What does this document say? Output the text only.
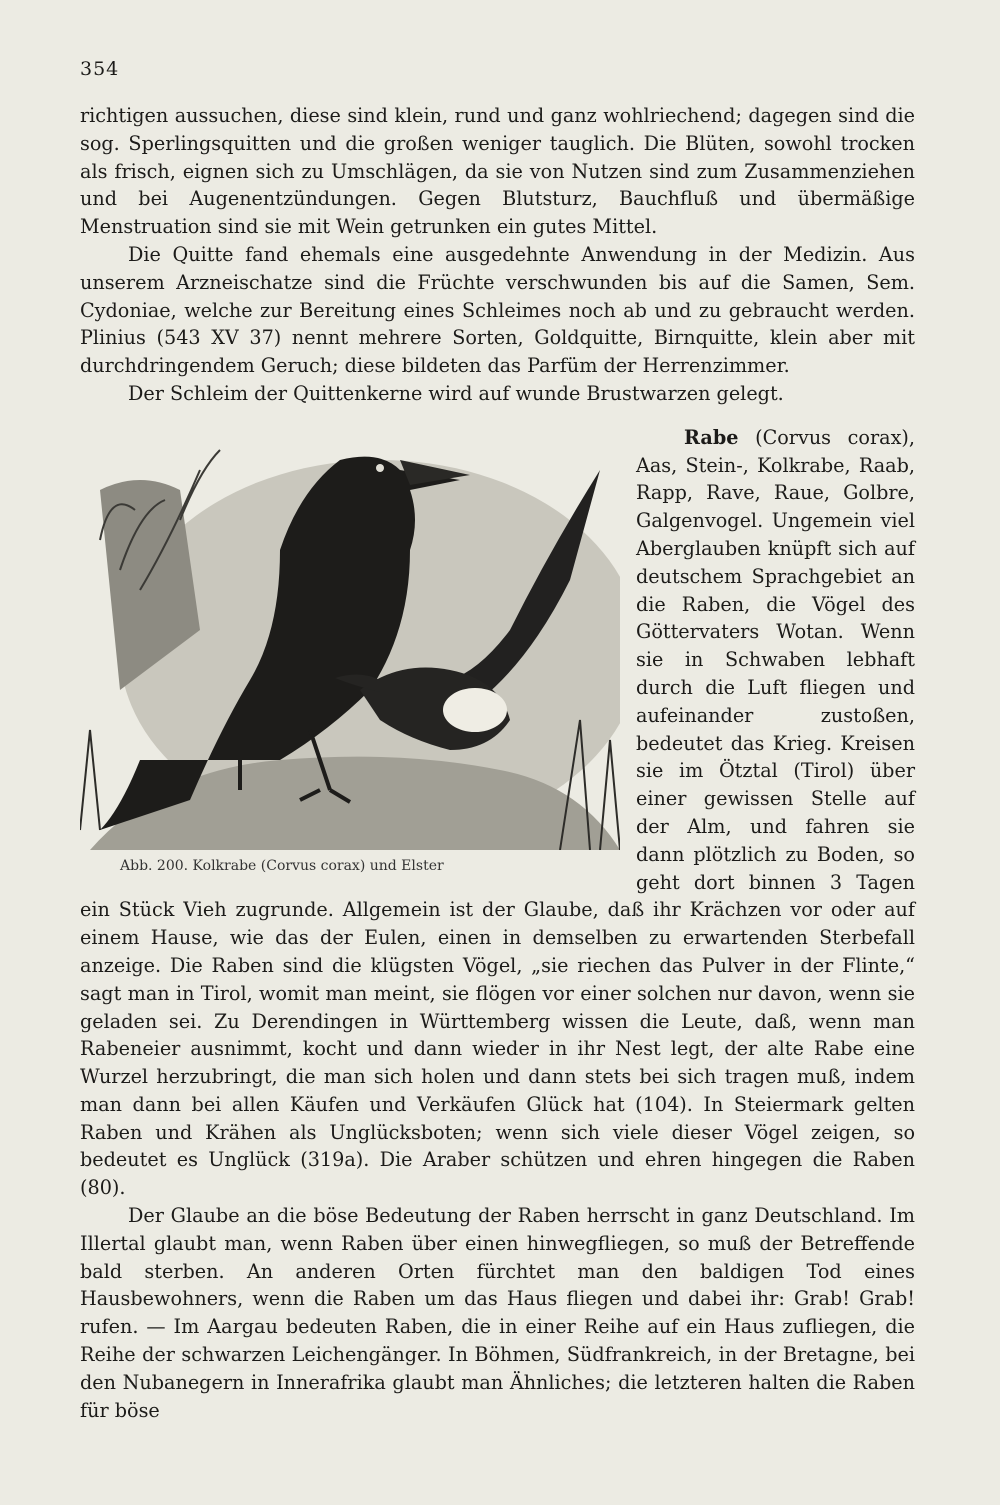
354

richtigen aussuchen, diese sind klein, rund und ganz wohlriechend; dagegen sind die sog. Sperlingsquitten und die großen weniger tauglich. Die Blüten, sowohl trocken als frisch, eignen sich zu Umschlägen, da sie von Nutzen sind zum Zusammenziehen und bei Augenentzündungen. Gegen Blutsturz, Bauchfluß und übermäßige Menstruation sind sie mit Wein getrunken ein gutes Mittel.

Die Quitte fand ehemals eine ausgedehnte Anwendung in der Medizin. Aus unserem Arzneischatze sind die Früchte verschwunden bis auf die Samen, Sem. Cydoniae, welche zur Bereitung eines Schleimes noch ab und zu gebraucht werden. Plinius (543 XV 37) nennt mehrere Sorten, Goldquitte, Birnquitte, klein aber mit durchdringendem Geruch; diese bildeten das Parfüm der Herrenzimmer.

Der Schleim der Quittenkerne wird auf wunde Brustwarzen gelegt.

Abb. 200. Kolkrabe (Corvus corax) und Elster

Rabe (Corvus corax), Aas, Stein-, Kolkrabe, Raab, Rapp, Rave, Raue, Golbre, Galgenvogel. Ungemein viel Aberglauben knüpft sich auf deutschem Sprachgebiet an die Raben, die Vögel des Göttervaters Wotan. Wenn sie in Schwaben lebhaft durch die Luft fliegen und aufeinander zustoßen, bedeutet das Krieg. Kreisen sie im Ötztal (Tirol) über einer gewissen Stelle auf der Alm, und fahren sie dann plötzlich zu Boden, so geht dort binnen 3 Tagen ein Stück Vieh zugrunde. Allgemein ist der Glaube, daß ihr Krächzen vor oder auf einem Hause, wie das der Eulen, einen in demselben zu erwartenden Sterbefall anzeige. Die Raben sind die klügsten Vögel, „sie riechen das Pulver in der Flinte,“ sagt man in Tirol, womit man meint, sie flögen vor einer solchen nur davon, wenn sie geladen sei. Zu Derendingen in Württemberg wissen die Leute, daß, wenn man Rabeneier ausnimmt, kocht und dann wieder in ihr Nest legt, der alte Rabe eine Wurzel herzubringt, die man sich holen und dann stets bei sich tragen muß, indem man dann bei allen Käufen und Verkäufen Glück hat (104). In Steiermark gelten Raben und Krähen als Unglücksboten; wenn sich viele dieser Vögel zeigen, so bedeutet es Unglück (319a). Die Araber schützen und ehren hingegen die Raben (80).

Der Glaube an die böse Bedeutung der Raben herrscht in ganz Deutschland. Im Illertal glaubt man, wenn Raben über einen hinwegfliegen, so muß der Betreffende bald sterben. An anderen Orten fürchtet man den baldigen Tod eines Hausbewohners, wenn die Raben um das Haus fliegen und dabei ihr: Grab! Grab! rufen. — Im Aargau bedeuten Raben, die in einer Reihe auf ein Haus zufliegen, die Reihe der schwarzen Leichengänger. In Böhmen, Südfrankreich, in der Bretagne, bei den Nubanegern in Innerafrika glaubt man Ähnliches; die letzteren halten die Raben für böse
